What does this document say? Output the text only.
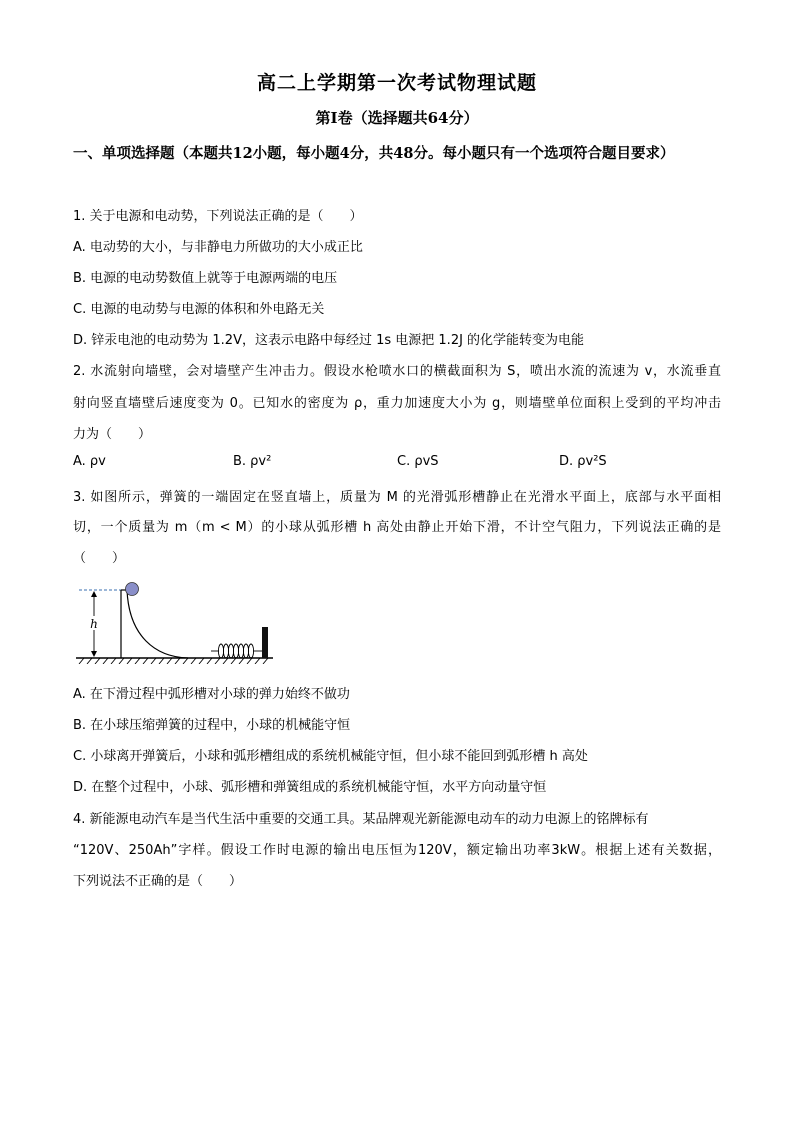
高二上学期第一次考试物理试题
第Ⅰ卷（选择题共64分）
一、单项选择题（本题共12小题，每小题4分，共48分。每小题只有一个选项符合题目要求）
1. 关于电源和电动势，下列说法正确的是（　　）
A. 电动势的大小，与非静电力所做功的大小成正比
B. 电源的电动势数值上就等于电源两端的电压
C. 电源的电动势与电源的体积和外电路无关
D. 锌汞电池的电动势为 1.2V，这表示电路中每经过 1s 电源把 1.2J 的化学能转变为电能
2. 水流射向墙壁，会对墙壁产生冲击力。假设水枪喷水口的横截面积为 S，喷出水流的流速为 v，水流垂直
射向竖直墙壁后速度变为 0。已知水的密度为 ρ，重力加速度大小为 g，则墙壁单位面积上受到的平均冲击
力为（　　）
A. ρv	B. ρv²	C. ρvS	D. ρv²S
3. 如图所示，弹簧的一端固定在竖直墙上，质量为 M 的光滑弧形槽静止在光滑水平面上，底部与水平面相
切，一个质量为 m（m < M）的小球从弧形槽 h 高处由静止开始下滑，不计空气阻力，下列说法正确的是
（　　）
h
A. 在下滑过程中弧形槽对小球的弹力始终不做功
B. 在小球压缩弹簧的过程中，小球的机械能守恒
C. 小球离开弹簧后，小球和弧形槽组成的系统机械能守恒，但小球不能回到弧形槽 h 高处
D. 在整个过程中，小球、弧形槽和弹簧组成的系统机械能守恒，水平方向动量守恒
4. 新能源电动汽车是当代生活中重要的交通工具。某品牌观光新能源电动车的动力电源上的铭牌标有
“120V、250Ah”字样。假设工作时电源的输出电压恒为120V，额定输出功率3kW。根据上述有关数据，
下列说法不正确的是（　　）
